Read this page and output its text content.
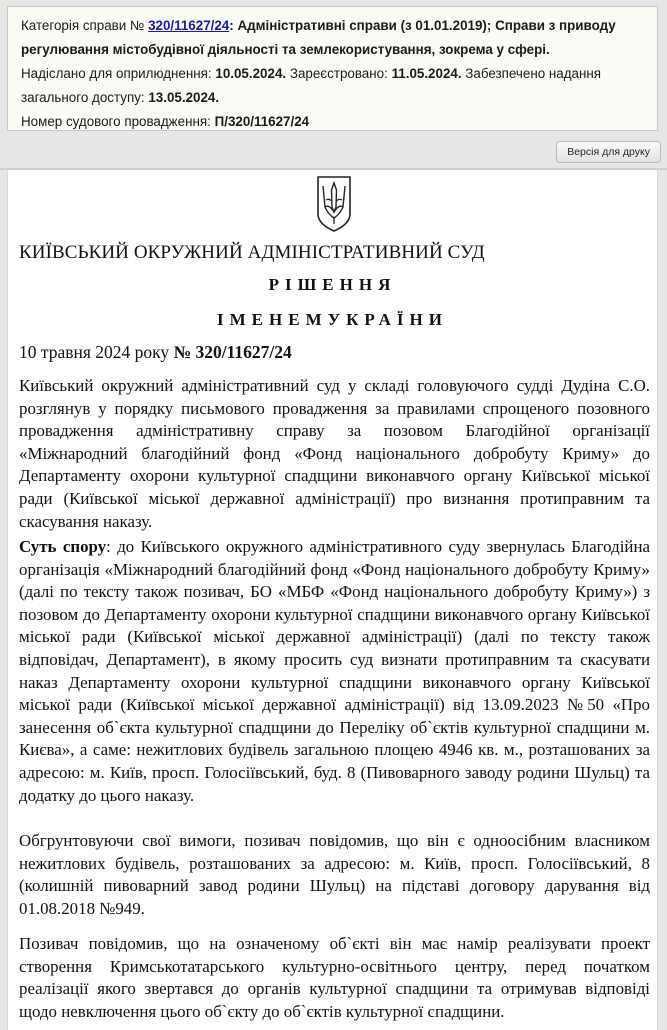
Категорія справи № 320/11627/24: Адміністративні справи (з 01.01.2019); Справи з приводу регулювання містобудівної діяльності та землекористування, зокрема у сфері.

Надіслано для оприлюднення: 10.05.2024. Зареєстровано: 11.05.2024. Забезпечено надання загального доступу: 13.05.2024.

Номер судового провадження: П/320/11627/24

Версія для друку
КИЇВСЬКИЙ ОКРУЖНИЙ АДМІНІСТРАТИВНИЙ СУД
РІШЕННЯ
ІМЕНЕМУКРАЇНИ
10 травня 2024 року № 320/11627/24

Київський окружний адміністративний суд у складі головуючого судді Дудіна С.О. розглянув у порядку письмового провадження за правилами спрощеного позовного провадження адміністративну справу за позовом Благодійної організації «Міжнародний благодійний фонд «Фонд національного добробуту Криму» до Департаменту охорони культурної спадщини виконавчого органу Київської міської ради (Київської міської державної адміністрації) про визнання протиправним та скасування наказу.

Суть спору: до Київського окружного адміністративного суду звернулась Благодійна організація «Міжнародний благодійний фонд «Фонд національного добробуту Криму» (далі по тексту також позивач, БО «МБФ «Фонд національного добробуту Криму») з позовом до Департаменту охорони культурної спадщини виконавчого органу Київської міської ради (Київської міської державної адміністрації) (далі по тексту також відповідач, Департамент), в якому просить суд визнати протиправним та скасувати наказ Департаменту охорони культурної спадщини виконавчого органу Київської міської ради (Київської міської державної адміністрації) від 13.09.2023 №50 «Про занесення об`єкта культурної спадщини до Переліку об`єктів культурної спадщини м. Києва», а саме: нежитлових будівель загальною площею 4946 кв. м., розташованих за адресою: м. Київ, просп. Голосіївський, буд. 8 (Пивоварного заводу родини Шульц) та додатку до цього наказу.

Обгрунтовуючи свої вимоги, позивач повідомив, що він є одноосібним власником нежитлових будівель, розташованих за адресою: м. Київ, просп. Голосіївський, 8 (колишній пивоварний завод родини Шульц) на підставі договору дарування від 01.08.2018 №949.

Позивач повідомив, що на означеному об`єкті він має намір реалізувати проект створення Кримськотатарського культурно-освітнього центру, перед початком реалізації якого звертався до органів культурної спадщини та отримував відповіді щодо невключення цього об`єкту до об`єктів культурної спадщини.
